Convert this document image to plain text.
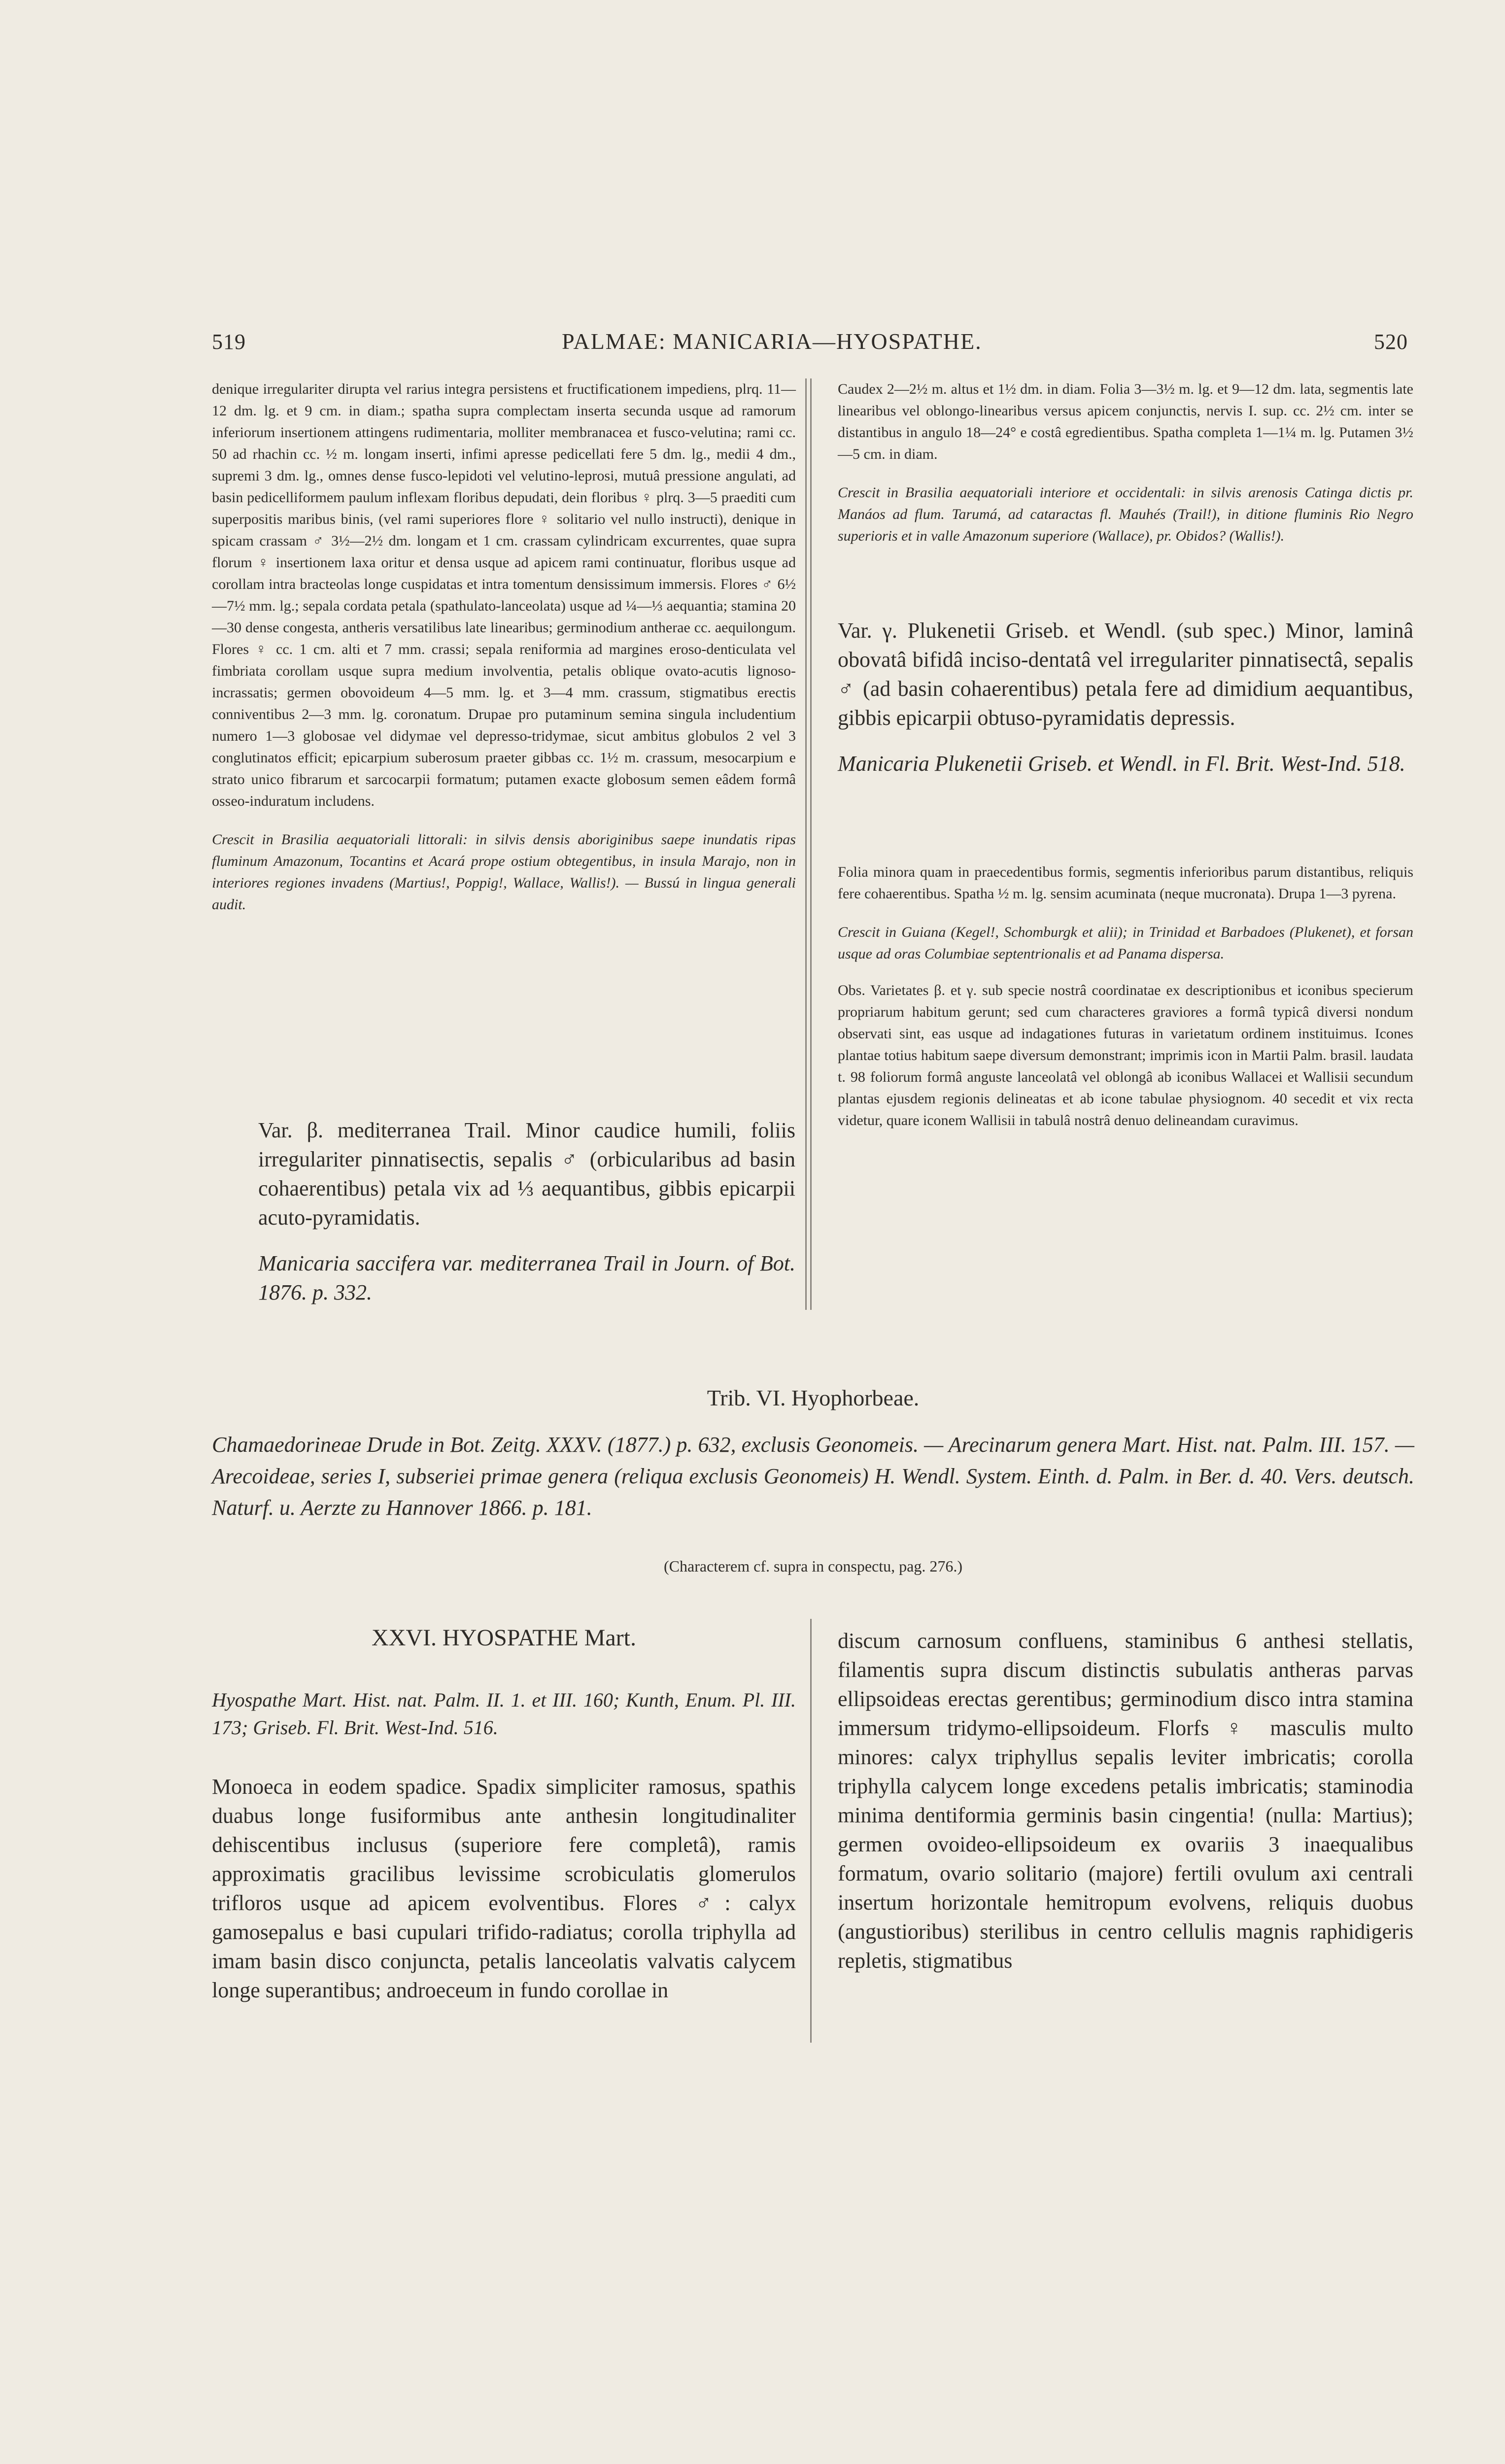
519	PALMAE: MANICARIA—HYOSPATHE.	520

denique irregulariter dirupta vel rarius integra persistens et fructificationem impediens, plrq. 11—12 dm. lg. et 9 cm. in diam.; spatha supra complectam inserta secunda usque ad ramorum inferiorum insertionem attingens rudimentaria, molliter membranacea et fusco-velutina; rami cc. 50 ad rhachin cc. ½ m. longam inserti, infimi apresse pedicellati fere 5 dm. lg., medii 4 dm., supremi 3 dm. lg., omnes dense fusco-lepidoti vel velutino-leprosi, mutuâ pressione angulati, ad basin pedicelliformem paulum inflexam floribus depudati, dein floribus ♀ plrq. 3—5 praediti cum superpositis maribus binis, (vel rami superiores flore ♀ solitario vel nullo instructi), denique in spicam crassam ♂ 3½—2½ dm. longam et 1 cm. crassam cylindricam excurrentes, quae supra florum ♀ insertionem laxa oritur et densa usque ad apicem rami continuatur, floribus usque ad corollam intra bracteolas longe cuspidatas et intra tomentum densissimum immersis. Flores ♂ 6½—7½ mm. lg.; sepala cordata petala (spathulato-lanceolata) usque ad ¼—⅓ aequantia; stamina 20—30 dense congesta, antheris versatilibus late linearibus; germinodium antherae cc. aequilongum. Flores ♀ cc. 1 cm. alti et 7 mm. crassi; sepala reniformia ad margines eroso-denticulata vel fimbriata corollam usque supra medium involventia, petalis oblique ovato-acutis lignoso-incrassatis; germen obovoideum 4—5 mm. lg. et 3—4 mm. crassum, stigmatibus erectis conniventibus 2—3 mm. lg. coronatum. Drupae pro putaminum semina singula includentium numero 1—3 globosae vel didymae vel depresso-tridymae, sicut ambitus globulos 2 vel 3 conglutinatos efficit; epicarpium suberosum praeter gibbas cc. 1½ m. crassum, mesocarpium e strato unico fibrarum et sarcocarpii formatum; putamen exacte globosum semen eâdem formâ osseo-induratum includens.

Crescit in Brasilia aequatoriali littorali: in silvis densis aboriginibus saepe inundatis ripas fluminum Amazonum, Tocantins et Acará prope ostium obtegentibus, in insula Marajo, non in interiores regiones invadens (Martius!, Poppig!, Wallace, Wallis!). — Bussú in lingua generali audit.

Var. β. mediterranea Trail. Minor caudice humili, foliis irregulariter pinnatisectis, sepalis ♂ (orbicularibus ad basin cohaerentibus) petala vix ad ⅓ aequantibus, gibbis epicarpii acuto-pyramidatis.

Manicaria saccifera var. mediterranea Trail in Journ. of Bot. 1876. p. 332.

Caudex 2—2½ m. altus et 1½ dm. in diam. Folia 3—3½ m. lg. et 9—12 dm. lata, segmentis late linearibus vel oblongo-linearibus versus apicem conjunctis, nervis I. sup. cc. 2½ cm. inter se distantibus in angulo 18—24° e costâ egredientibus. Spatha completa 1—1¼ m. lg. Putamen 3½—5 cm. in diam.

Crescit in Brasilia aequatoriali interiore et occidentali: in silvis arenosis Catinga dictis pr. Manáos ad flum. Tarumá, ad cataractas fl. Mauhés (Trail!), in ditione fluminis Rio Negro superioris et in valle Amazonum superiore (Wallace), pr. Obidos? (Wallis!).

Var. γ. Plukenetii Griseb. et Wendl. (sub spec.) Minor, laminâ obovatâ bifidâ inciso-dentatâ vel irregulariter pinnatisectâ, sepalis ♂ (ad basin cohaerentibus) petala fere ad dimidium aequantibus, gibbis epicarpii obtuso-pyramidatis depressis.

Manicaria Plukenetii Griseb. et Wendl. in Fl. Brit. West-Ind. 518.

Folia minora quam in praecedentibus formis, segmentis inferioribus parum distantibus, reliquis fere cohaerentibus. Spatha ½ m. lg. sensim acuminata (neque mucronata). Drupa 1—3 pyrena.

Crescit in Guiana (Kegel!, Schomburgk et alii); in Trinidad et Barbadoes (Plukenet), et forsan usque ad oras Columbiae septentrionalis et ad Panama dispersa.

Obs. Varietates β. et γ. sub specie nostrâ coordinatae ex descriptionibus et iconibus specierum propriarum habitum gerunt; sed cum characteres graviores a formâ typicâ diversi nondum observati sint, eas usque ad indagationes futuras in varietatum ordinem instituimus. Icones plantae totius habitum saepe diversum demonstrant; imprimis icon in Martii Palm. brasil. laudata t. 98 foliorum formâ anguste lanceolatâ vel oblongâ ab iconibus Wallacei et Wallisii secundum plantas ejusdem regionis delineatas et ab icone tabulae physiognom. 40 secedit et vix recta videtur, quare iconem Wallisii in tabulâ nostrâ denuo delineandam curavimus.

Trib. VI. Hyophorbeae.
Chamaedorineae Drude in Bot. Zeitg. XXXV. (1877.) p. 632, exclusis Geonomeis. — Arecinarum genera Mart. Hist. nat. Palm. III. 157. — Arecoideae, series I, subseriei primae genera (reliqua exclusis Geonomeis) H. Wendl. System. Einth. d. Palm. in Ber. d. 40. Vers. deutsch. Naturf. u. Aerzte zu Hannover 1866. p. 181.
(Characterem cf. supra in conspectu, pag. 276.)
XXVI. HYOSPATHE Mart.
Hyospathe Mart. Hist. nat. Palm. II. 1. et III. 160; Kunth, Enum. Pl. III. 173; Griseb. Fl. Brit. West-Ind. 516.

Monoeca in eodem spadice. Spadix simpliciter ramosus, spathis duabus longe fusiformibus ante anthesin longitudinaliter dehiscentibus inclusus (superiore fere completâ), ramis approximatis gracilibus levissime scrobiculatis glomerulos trifloros usque ad apicem evolventibus. Flores ♂: calyx gamosepalus e basi cupulari trifido-radiatus; corolla triphylla ad imam basin disco conjuncta, petalis lanceolatis valvatis calycem longe superantibus; androeceum in fundo corollae in

discum carnosum confluens, staminibus 6 anthesi stellatis, filamentis supra discum distinctis subulatis antheras parvas ellipsoideas erectas gerentibus; germinodium disco intra stamina immersum tridymo-ellipsoideum. Florfs ♀ masculis multo minores: calyx triphyllus sepalis leviter imbricatis; corolla triphylla calycem longe excedens petalis imbricatis; staminodia minima dentiformia germinis basin cingentia! (nulla: Martius); germen ovoideo-ellipsoideum ex ovariis 3 inaequalibus formatum, ovario solitario (majore) fertili ovulum axi centrali insertum horizontale hemitropum evolvens, reliquis duobus (angustioribus) sterilibus in centro cellulis magnis raphidigeris repletis, stigmatibus
